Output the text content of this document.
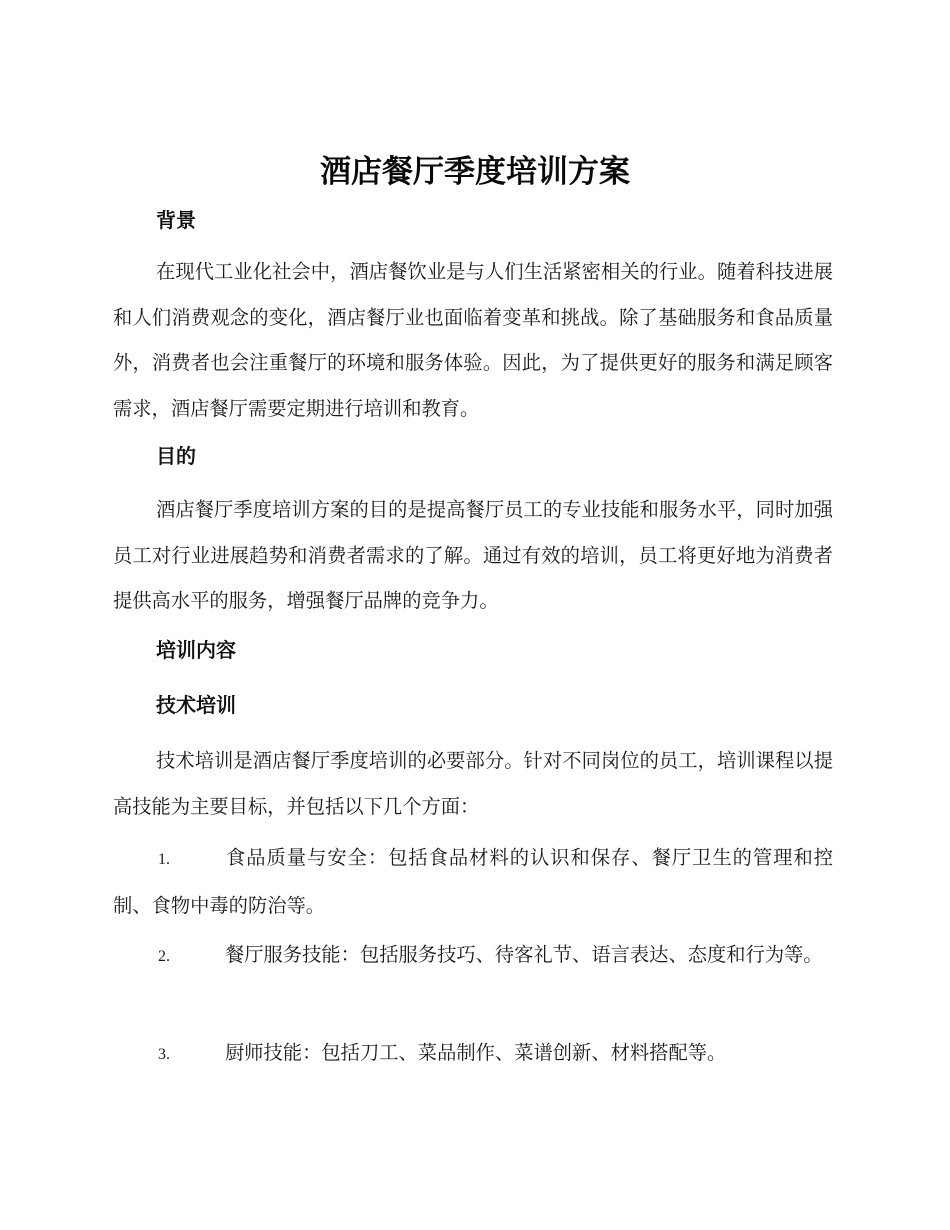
酒店餐厅季度培训方案
背景

在现代工业化社会中，酒店餐饮业是与人们生活紧密相关的行业。随着科技进展和人们消费观念的变化，酒店餐厅业也面临着变革和挑战。除了基础服务和食品质量外，消费者也会注重餐厅的环境和服务体验。因此，为了提供更好的服务和满足顾客需求，酒店餐厅需要定期进行培训和教育。

目的

酒店餐厅季度培训方案的目的是提高餐厅员工的专业技能和服务水平，同时加强员工对行业进展趋势和消费者需求的了解。通过有效的培训，员工将更好地为消费者提供高水平的服务，增强餐厅品牌的竞争力。

培训内容
技术培训

技术培训是酒店餐厅季度培训的必要部分。针对不同岗位的员工，培训课程以提高技能为主要目标，并包括以下几个方面：

1.	食品质量与安全：包括食品材料的认识和保存、餐厅卫生的管理和控制、食物中毒的防治等。

2.	餐厅服务技能：包括服务技巧、待客礼节、语言表达、态度和行为等。

3.	厨师技能：包括刀工、菜品制作、菜谱创新、材料搭配等。
